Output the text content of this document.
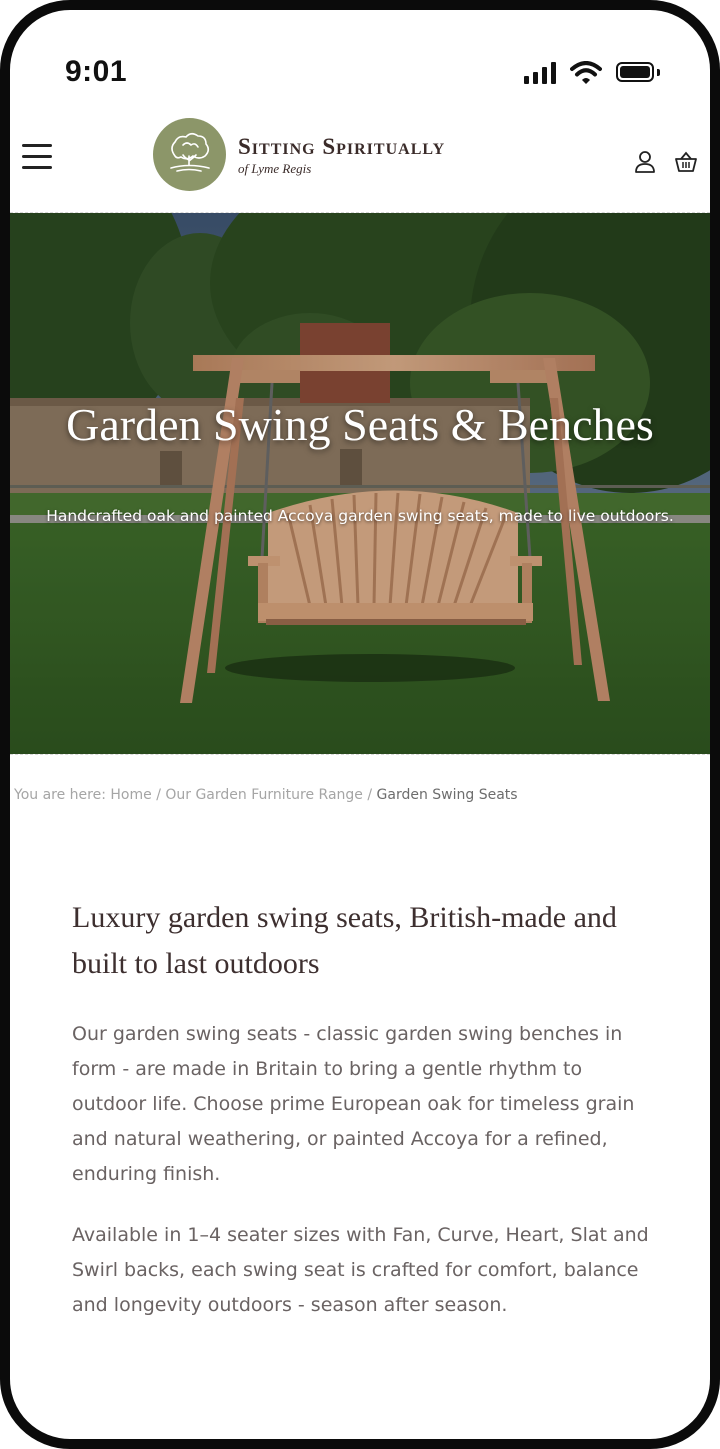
9:01
Sitting Spiritually
of Lyme Regis
Garden Swing Seats & Benches
Handcrafted oak and painted Accoya garden swing seats, made to live outdoors.
You are here: Home / Our Garden Furniture Range / Garden Swing Seats
Luxury garden swing seats, British-made and built to last outdoors

Our garden swing seats - classic garden swing benches in form - are made in Britain to bring a gentle rhythm to outdoor life. Choose prime European oak for timeless grain and natural weathering, or painted Accoya for a refined, enduring finish.

Available in 1–4 seater sizes with Fan, Curve, Heart, Slat and Swirl backs, each swing seat is crafted for comfort, balance and longevity outdoors - season after season.
